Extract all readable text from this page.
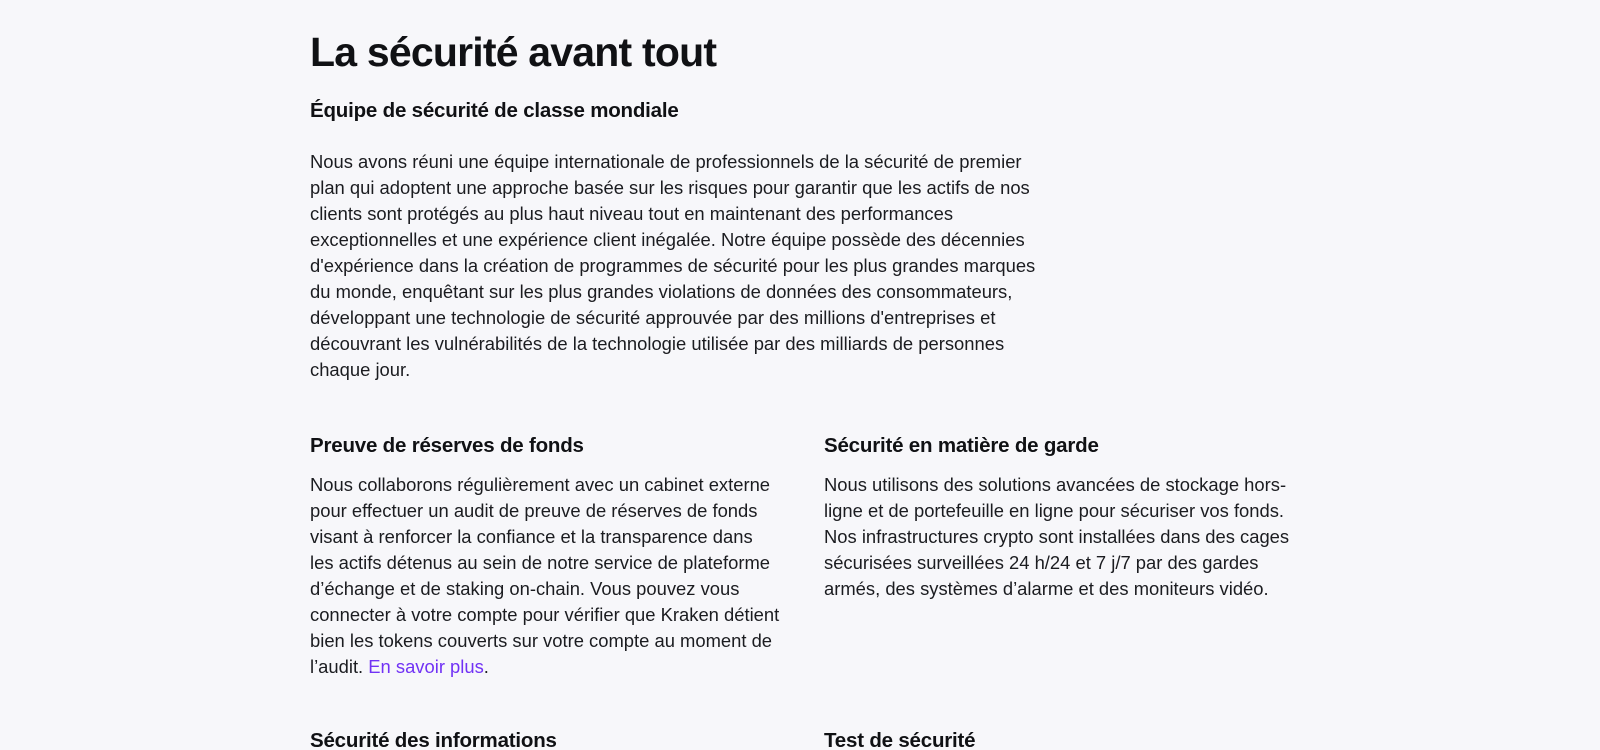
La sécurité avant tout
Équipe de sécurité de classe mondiale

Nous avons réuni une équipe internationale de professionnels de la sécurité de premier plan qui adoptent une approche basée sur les risques pour garantir que les actifs de nos clients sont protégés au plus haut niveau tout en maintenant des performances exceptionnelles et une expérience client inégalée. Notre équipe possède des décennies d'expérience dans la création de programmes de sécurité pour les plus grandes marques du monde, enquêtant sur les plus grandes violations de données des consommateurs, développant une technologie de sécurité approuvée par des millions d'entreprises et découvrant les vulnérabilités de la technologie utilisée par des milliards de personnes chaque jour.

Preuve de réserves de fonds

Nous collaborons régulièrement avec un cabinet externe pour effectuer un audit de preuve de réserves de fonds visant à renforcer la confiance et la transparence dans les actifs détenus au sein de notre service de plateforme d’échange et de staking on-chain. Vous pouvez vous connecter à votre compte pour vérifier que Kraken détient bien les tokens couverts sur votre compte au moment de l’audit. En savoir plus.

Sécurité en matière de garde

Nous utilisons des solutions avancées de stockage hors-ligne et de portefeuille en ligne pour sécuriser vos fonds. Nos infrastructures crypto sont installées dans des cages sécurisées surveillées 24 h/24 et 7 j/7 par des gardes armés, des systèmes d’alarme et des moniteurs vidéo.

Sécurité des informations	Test de sécurité
